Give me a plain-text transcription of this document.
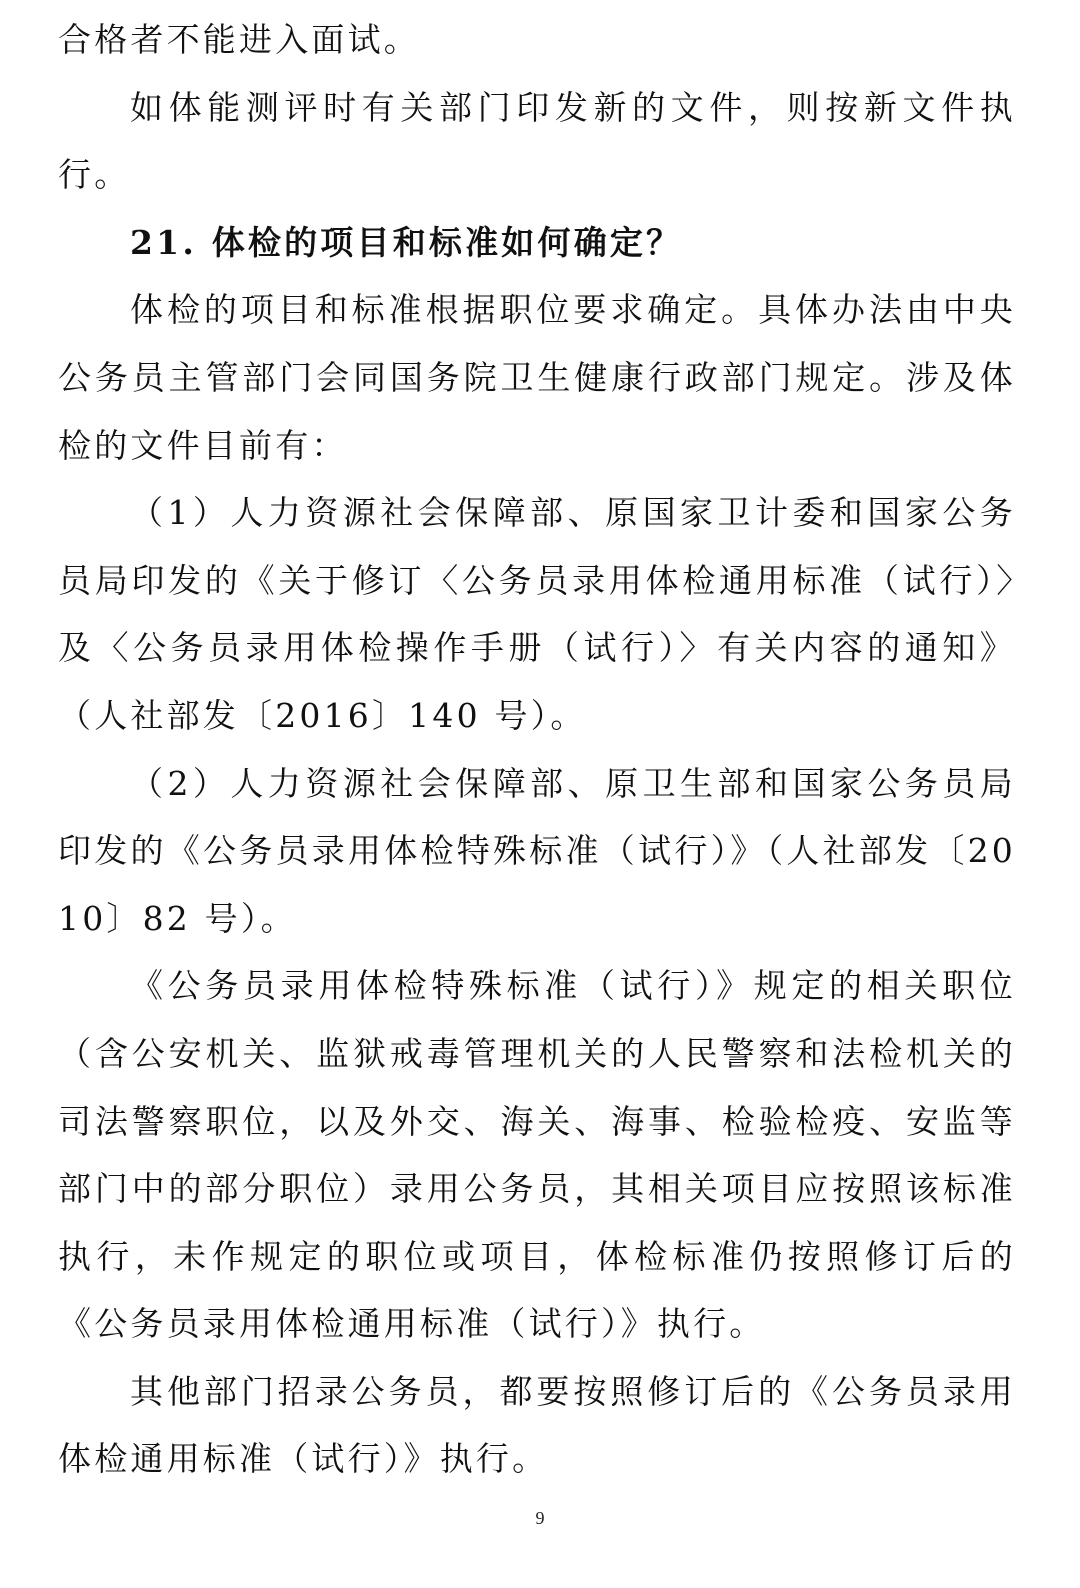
合格者不能进入面试。

如体能测评时有关部门印发新的文件，则按新文件执行。

21. 体检的项目和标准如何确定？

体检的项目和标准根据职位要求确定。具体办法由中央公务员主管部门会同国务院卫生健康行政部门规定。涉及体检的文件目前有：

（1）人力资源社会保障部、原国家卫计委和国家公务员局印发的《关于修订〈公务员录用体检通用标准（试行）〉及〈公务员录用体检操作手册（试行）〉有关内容的通知》（人社部发〔2016〕140 号）。

（2）人力资源社会保障部、原卫生部和国家公务员局印发的《公务员录用体检特殊标准（试行）》（人社部发〔2010〕82 号）。

《公务员录用体检特殊标准（试行）》规定的相关职位（含公安机关、监狱戒毒管理机关的人民警察和法检机关的司法警察职位，以及外交、海关、海事、检验检疫、安监等部门中的部分职位）录用公务员，其相关项目应按照该标准执行，未作规定的职位或项目，体检标准仍按照修订后的《公务员录用体检通用标准（试行）》执行。

其他部门招录公务员，都要按照修订后的《公务员录用体检通用标准（试行）》执行。

9
